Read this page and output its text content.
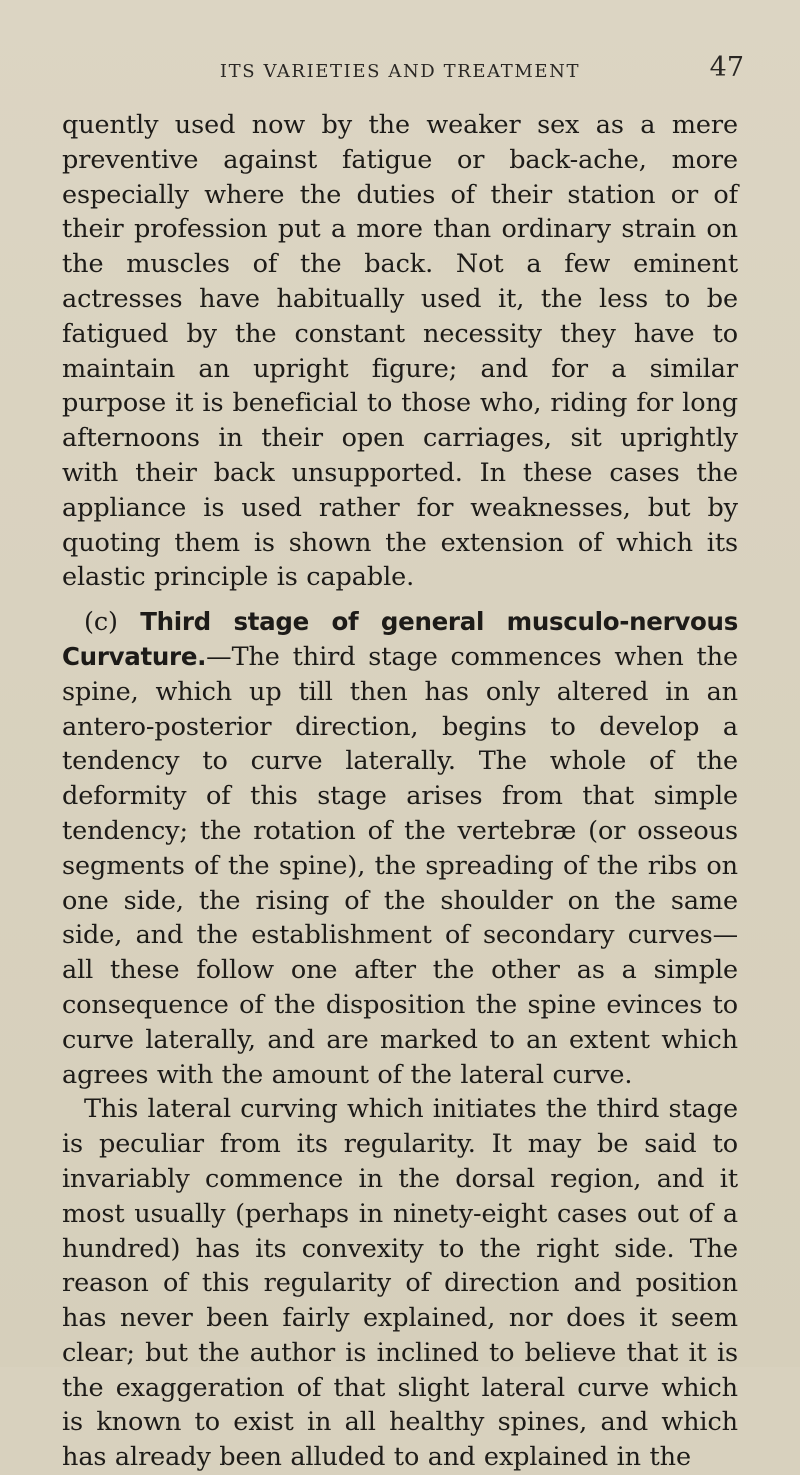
ITS VARIETIES AND TREATMENT	47

quently used now by the weaker sex as a mere preventive against fatigue or back-ache, more especially where the duties of their station or of their profession put a more than ordinary strain on the muscles of the back. Not a few eminent actresses have habitually used it, the less to be fatigued by the constant necessity they have to maintain an upright figure; and for a similar purpose it is beneficial to those who, riding for long afternoons in their open carriages, sit uprightly with their back unsupported. In these cases the appliance is used rather for weaknesses, but by quoting them is shown the extension of which its elastic principle is capable.

(c) Third stage of general musculo-nervous Curvature.—The third stage commences when the spine, which up till then has only altered in an antero-posterior direction, begins to develop a tendency to curve laterally. The whole of the deformity of this stage arises from that simple tendency; the rotation of the vertebræ (or osseous segments of the spine), the spreading of the ribs on one side, the rising of the shoulder on the same side, and the establishment of secondary curves—all these follow one after the other as a simple consequence of the disposition the spine evinces to curve laterally, and are marked to an extent which agrees with the amount of the lateral curve.

This lateral curving which initiates the third stage is peculiar from its regularity. It may be said to invariably commence in the dorsal region, and it most usually (perhaps in ninety-eight cases out of a hundred) has its convexity to the right side. The reason of this regularity of direction and position has never been fairly explained, nor does it seem clear; but the author is inclined to believe that it is the exaggeration of that slight lateral curve which is known to exist in all healthy spines, and which has already been alluded to and explained in the
